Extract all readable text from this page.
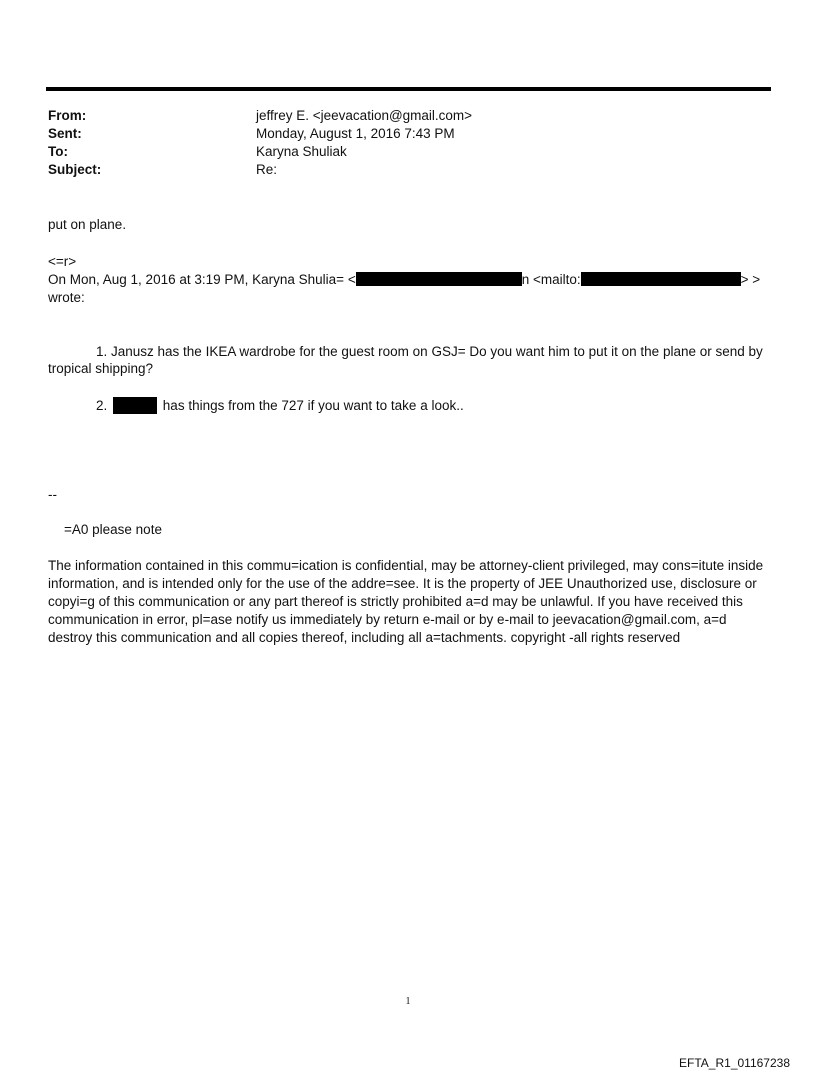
From:	jeffrey E. <jeevacation@gmail.com>
Sent:	Monday, August 1, 2016 7:43 PM
To:	Karyna Shuliak
Subject:	Re:
put on plane.
<=r>
On Mon, Aug 1, 2016 at 3:19 PM, Karyna Shulia= <	n <mailto:	> >
wrote:
1. Janusz has the IKEA wardrobe for the guest room on GSJ= Do you want him to put it on the plane or send by
tropical shipping?
2.	has things from the 727 if you want to take a look..
--
=A0 please note
The information contained in this commu=ication is confidential, may be attorney-client privileged, may cons=itute inside information, and is intended only for the use of the addre=see. It is the property of JEE Unauthorized use, disclosure or copyi=g of this communication or any part thereof is strictly prohibited a=d may be unlawful. If you have received this communication in error, pl=ase notify us immediately by return e-mail or by e-mail to jeevacation@gmail.com, a=d destroy this communication and all copies thereof, including all a=tachments. copyright -all rights reserved
1
EFTA_R1_01167238
